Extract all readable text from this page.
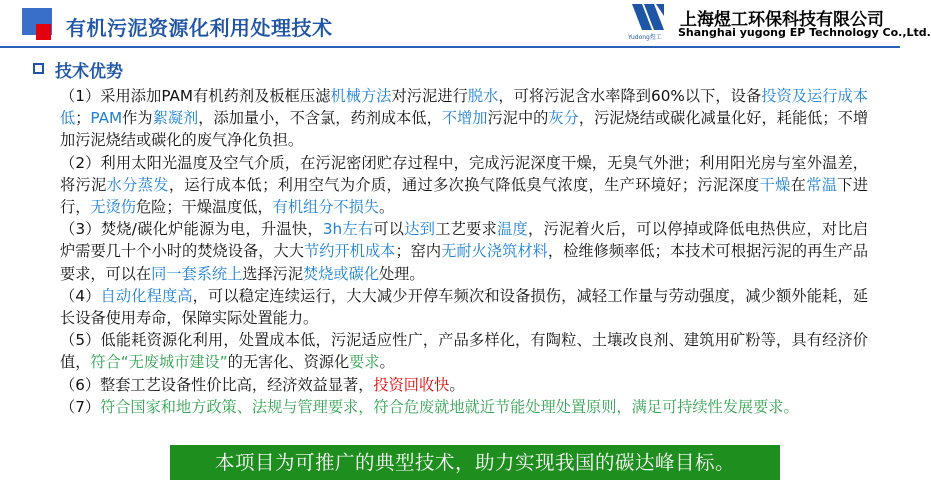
有机污泥资源化利用处理技术	Yudong煜工
上海煜工环保科技有限公司
Shanghai yugong EP Technology Co.,Ltd.
技术优势

（1）采用添加PAM有机药剂及板框压滤机械方法对污泥进行脱水，可将污泥含水率降到60%以下，设备投资及运行成本低；PAM作为絮凝剂，添加量小，不含氯，药剂成本低，不增加污泥中的灰分，污泥烧结或碳化减量化好，耗能低；不增加污泥烧结或碳化的废气净化负担。

（2）利用太阳光温度及空气介质，在污泥密闭贮存过程中，完成污泥深度干燥，无臭气外泄；利用阳光房与室外温差，将污泥水分蒸发，运行成本低；利用空气为介质，通过多次换气降低臭气浓度，生产环境好；污泥深度干燥在常温下进行，无烫伤危险；干燥温度低，有机组分不损失。

（3）焚烧/碳化炉能源为电，升温快，3h左右可以达到工艺要求温度，污泥着火后，可以停掉或降低电热供应，对比启炉需要几十个小时的焚烧设备，大大节约开机成本；窑内无耐火浇筑材料，检维修频率低；本技术可根据污泥的再生产品要求，可以在同一套系统上选择污泥焚烧或碳化处理。

（4）自动化程度高，可以稳定连续运行，大大减少开停车频次和设备损伤，减轻工作量与劳动强度，减少额外能耗，延长设备使用寿命，保障实际处置能力。

（5）低能耗资源化利用，处置成本低，污泥适应性广，产品多样化，有陶粒、土壤改良剂、建筑用矿粉等，具有经济价值，符合“无废城市建设”的无害化、资源化要求。

（6）整套工艺设备性价比高，经济效益显著，投资回收快。

（7）符合国家和地方政策、法规与管理要求，符合危废就地就近节能处理处置原则，满足可持续性发展要求。

本项目为可推广的典型技术，助力实现我国的碳达峰目标。
